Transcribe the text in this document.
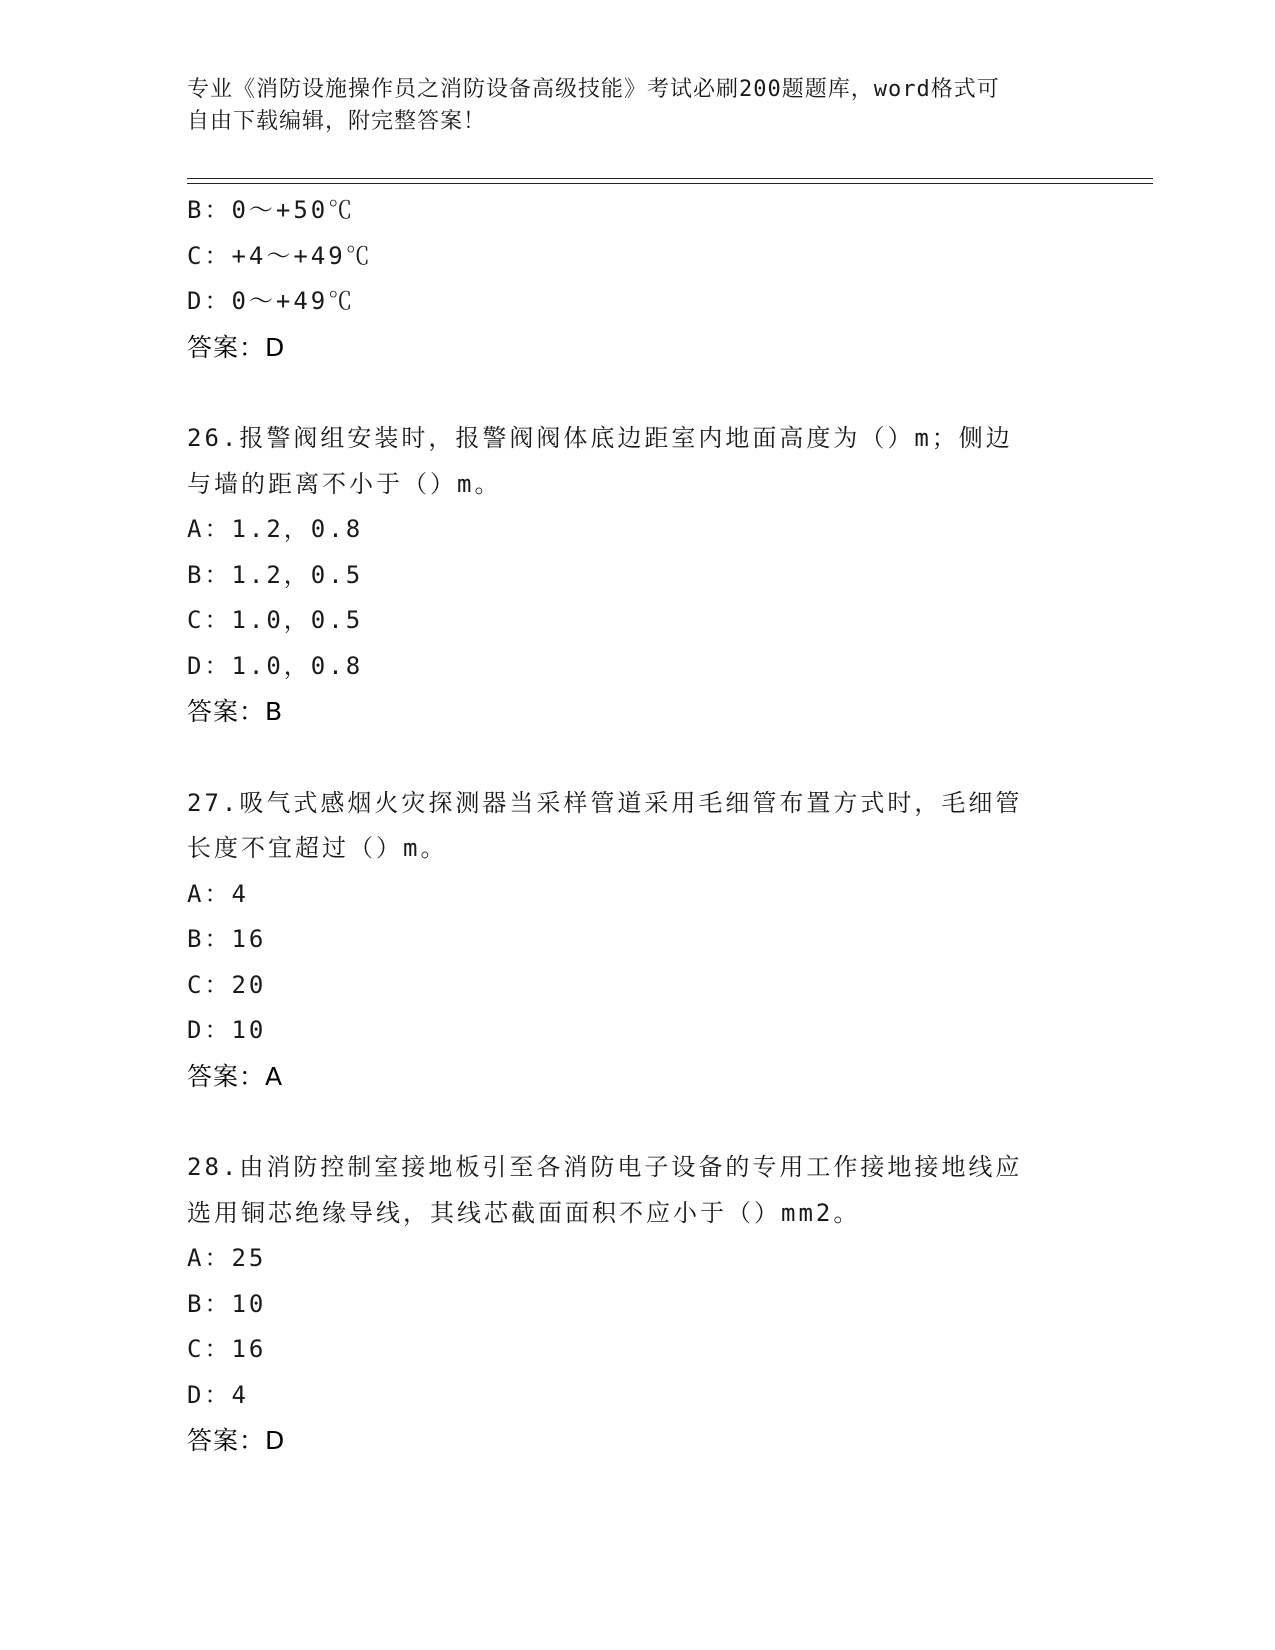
专业《消防设施操作员之消防设备高级技能》考试必刷200题题库，word格式可
自由下载编辑，附完整答案！
B：0～+50℃
C：+4～+49℃
D：0～+49℃
答案：D
26.报警阀组安装时，报警阀阀体底边距室内地面高度为（）m；侧边
与墙的距离不小于（）m。
A：1.2，0.8
B：1.2，0.5
C：1.0，0.5
D：1.0，0.8
答案：B
27.吸气式感烟火灾探测器当采样管道采用毛细管布置方式时，毛细管
长度不宜超过（）m。
A：4
B：16
C：20
D：10
答案：A
28.由消防控制室接地板引至各消防电子设备的专用工作接地接地线应
选用铜芯绝缘导线，其线芯截面面积不应小于（）mm2。
A：25
B：10
C：16
D：4
答案：D
